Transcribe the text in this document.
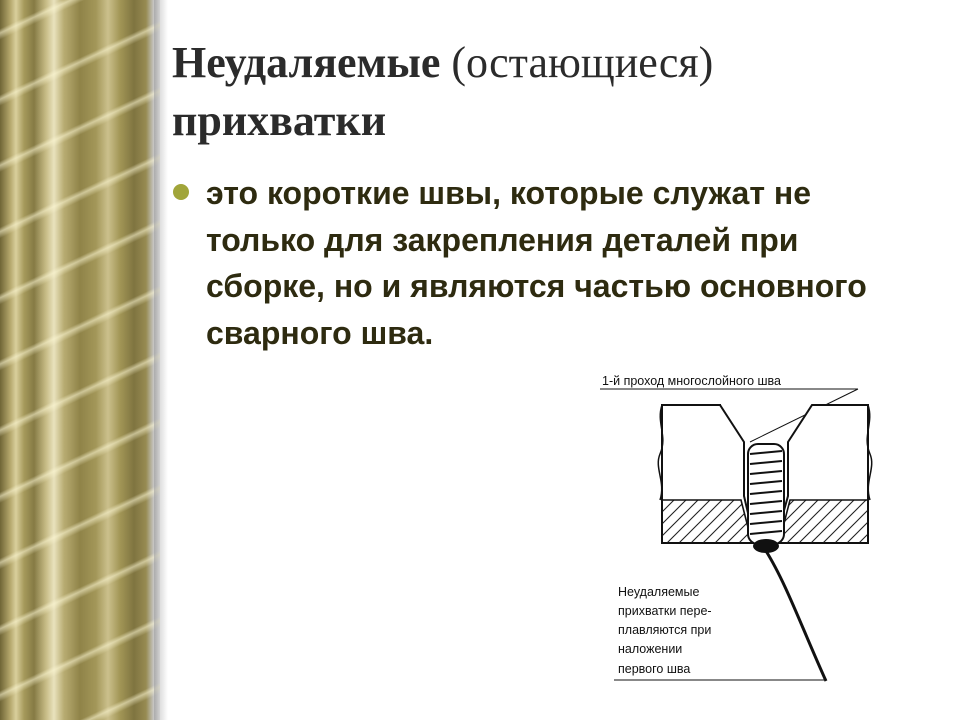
Неудаляемые (остающиеся)
прихватки

это короткие швы, которые служат не только для закрепления деталей при сборке, но и являются частью основного сварного шва.

1-й проход многослойного шва
Неудаляемые
прихватки пере-
плавляются при
наложении
первого шва
